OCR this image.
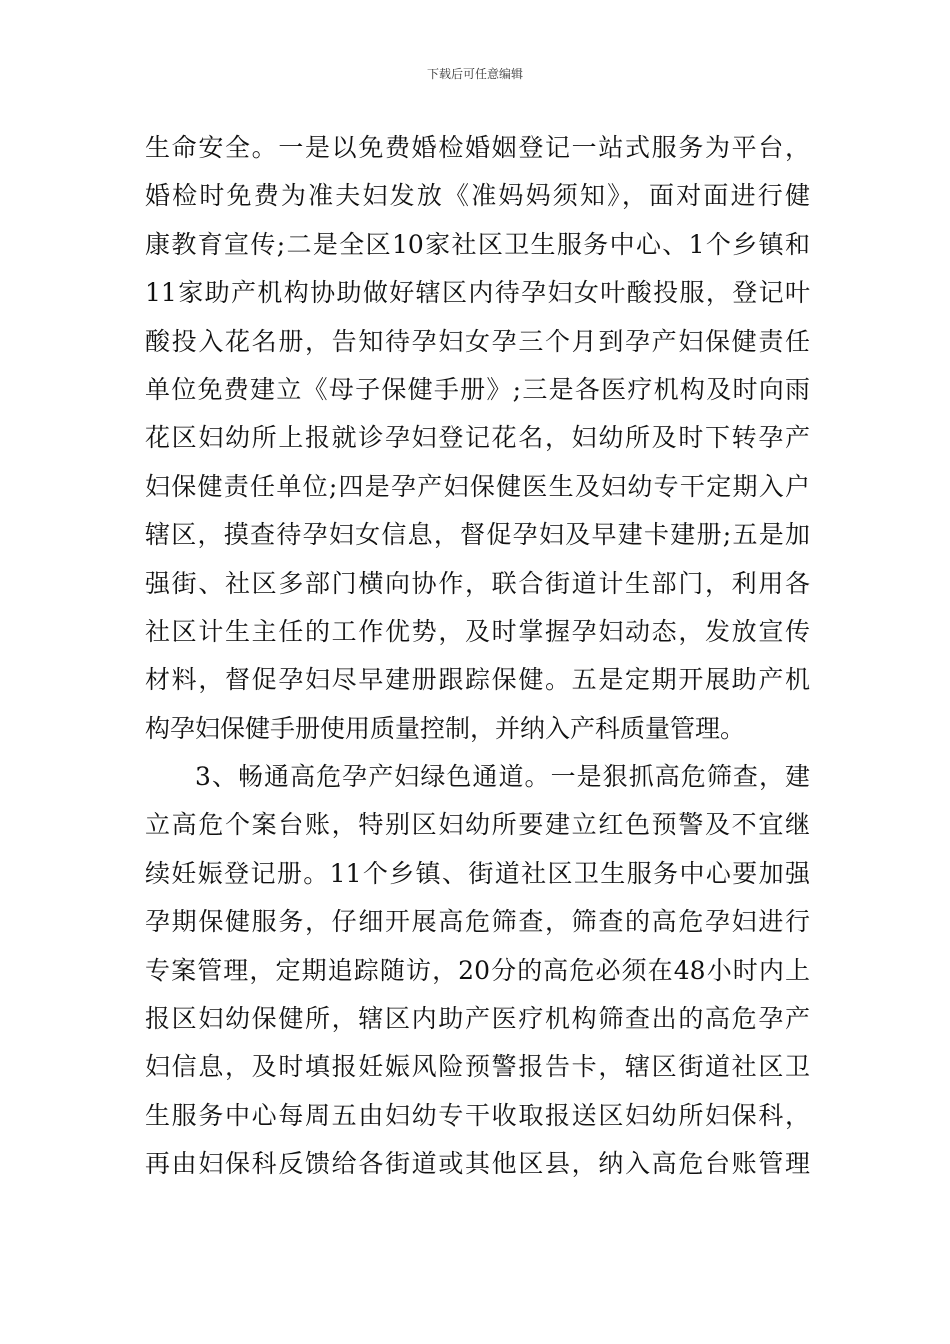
下载后可任意编辑
生命安全。一是以免费婚检婚姻登记一站式服务为平台，
婚检时免费为准夫妇发放《准妈妈须知》，面对面进行健
康教育宣传;二是全区10家社区卫生服务中心、1个乡镇和
11家助产机构协助做好辖区内待孕妇女叶酸投服，登记叶
酸投入花名册，告知待孕妇女孕三个月到孕产妇保健责任
单位免费建立《母子保健手册》;三是各医疗机构及时向雨
花区妇幼所上报就诊孕妇登记花名，妇幼所及时下转孕产
妇保健责任单位;四是孕产妇保健医生及妇幼专干定期入户
辖区，摸查待孕妇女信息，督促孕妇及早建卡建册;五是加
强街、社区多部门横向协作，联合街道计生部门，利用各
社区计生主任的工作优势，及时掌握孕妇动态，发放宣传
材料，督促孕妇尽早建册跟踪保健。五是定期开展助产机
构孕妇保健手册使用质量控制，并纳入产科质量管理。
3、畅通高危孕产妇绿色通道。一是狠抓高危筛查，建
立高危个案台账，特别区妇幼所要建立红色预警及不宜继
续妊娠登记册。11个乡镇、街道社区卫生服务中心要加强
孕期保健服务，仔细开展高危筛查，筛查的高危孕妇进行
专案管理，定期追踪随访，20分的高危必须在48小时内上
报区妇幼保健所，辖区内助产医疗机构筛查出的高危孕产
妇信息，及时填报妊娠风险预警报告卡，辖区街道社区卫
生服务中心每周五由妇幼专干收取报送区妇幼所妇保科，
再由妇保科反馈给各街道或其他区县，纳入高危台账管理
